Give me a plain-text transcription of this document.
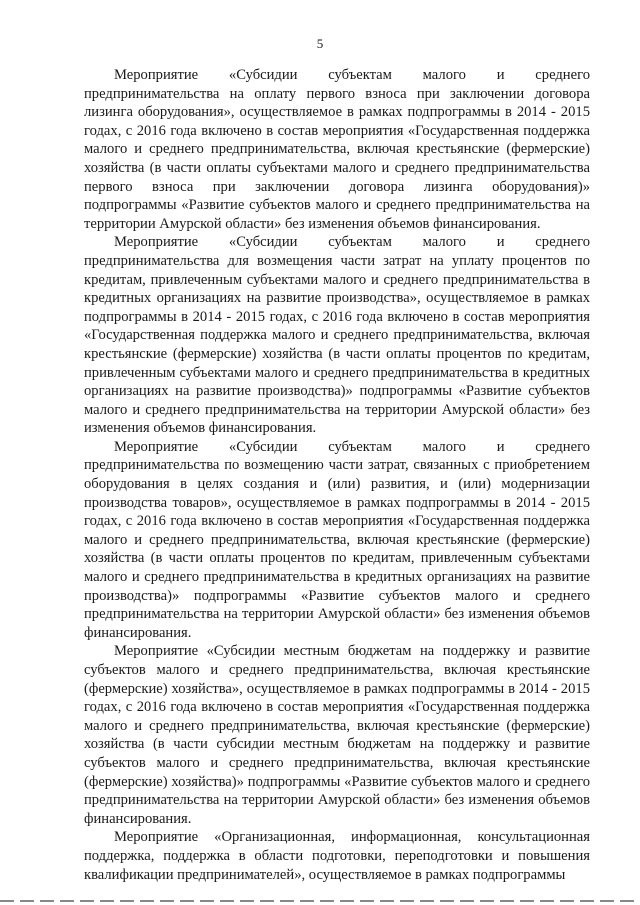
5

Мероприятие «Субсидии субъектам малого и среднего предпринимательства на оплату первого взноса при заключении договора лизинга оборудования», осуществляемое в рамках подпрограммы в 2014 - 2015 годах, с 2016 года включено в состав мероприятия «Государственная поддержка малого и среднего предпринимательства, включая крестьянские (фермерские) хозяйства (в части оплаты субъектами малого и среднего предпринимательства первого взноса при заключении договора лизинга оборудования)» подпрограммы «Развитие субъектов малого и среднего предпринимательства на территории Амурской области» без изменения объемов финансирования.

Мероприятие «Субсидии субъектам малого и среднего предпринимательства для возмещения части затрат на уплату процентов по кредитам, привлеченным субъектами малого и среднего предпринимательства в кредитных организациях на развитие производства», осуществляемое в рамках подпрограммы в 2014 - 2015 годах, с 2016 года включено в состав мероприятия «Государственная поддержка малого и среднего предпринимательства, включая крестьянские (фермерские) хозяйства (в части оплаты процентов по кредитам, привлеченным субъектами малого и среднего предпринимательства в кредитных организациях на развитие производства)» подпрограммы «Развитие субъектов малого и среднего предпринимательства на территории Амурской области» без изменения объемов финансирования.

Мероприятие «Субсидии субъектам малого и среднего предпринимательства по возмещению части затрат, связанных с приобретением оборудования в целях создания и (или) развития, и (или) модернизации производства товаров», осуществляемое в рамках подпрограммы в 2014 - 2015 годах, с 2016 года включено в состав мероприятия «Государственная поддержка малого и среднего предпринимательства, включая крестьянские (фермерские) хозяйства (в части оплаты процентов по кредитам, привлеченным субъектами малого и среднего предпринимательства в кредитных организациях на развитие производства)» подпрограммы «Развитие субъектов малого и среднего предпринимательства на территории Амурской области» без изменения объемов финансирования.

Мероприятие «Субсидии местным бюджетам на поддержку и развитие субъектов малого и среднего предпринимательства, включая крестьянские (фермерские) хозяйства», осуществляемое в рамках подпрограммы в 2014 - 2015 годах, с 2016 года включено в состав мероприятия «Государственная поддержка малого и среднего предпринимательства, включая крестьянские (фермерские) хозяйства (в части субсидии местным бюджетам на поддержку и развитие субъектов малого и среднего предпринимательства, включая крестьянские (фермерские) хозяйства)» подпрограммы «Развитие субъектов малого и среднего предпринимательства на территории Амурской области» без изменения объемов финансирования.

Мероприятие «Организационная, информационная, консультационная поддержка, поддержка в области подготовки, переподготовки и повышения квалификации предпринимателей», осуществляемое в рамках подпрограммы
